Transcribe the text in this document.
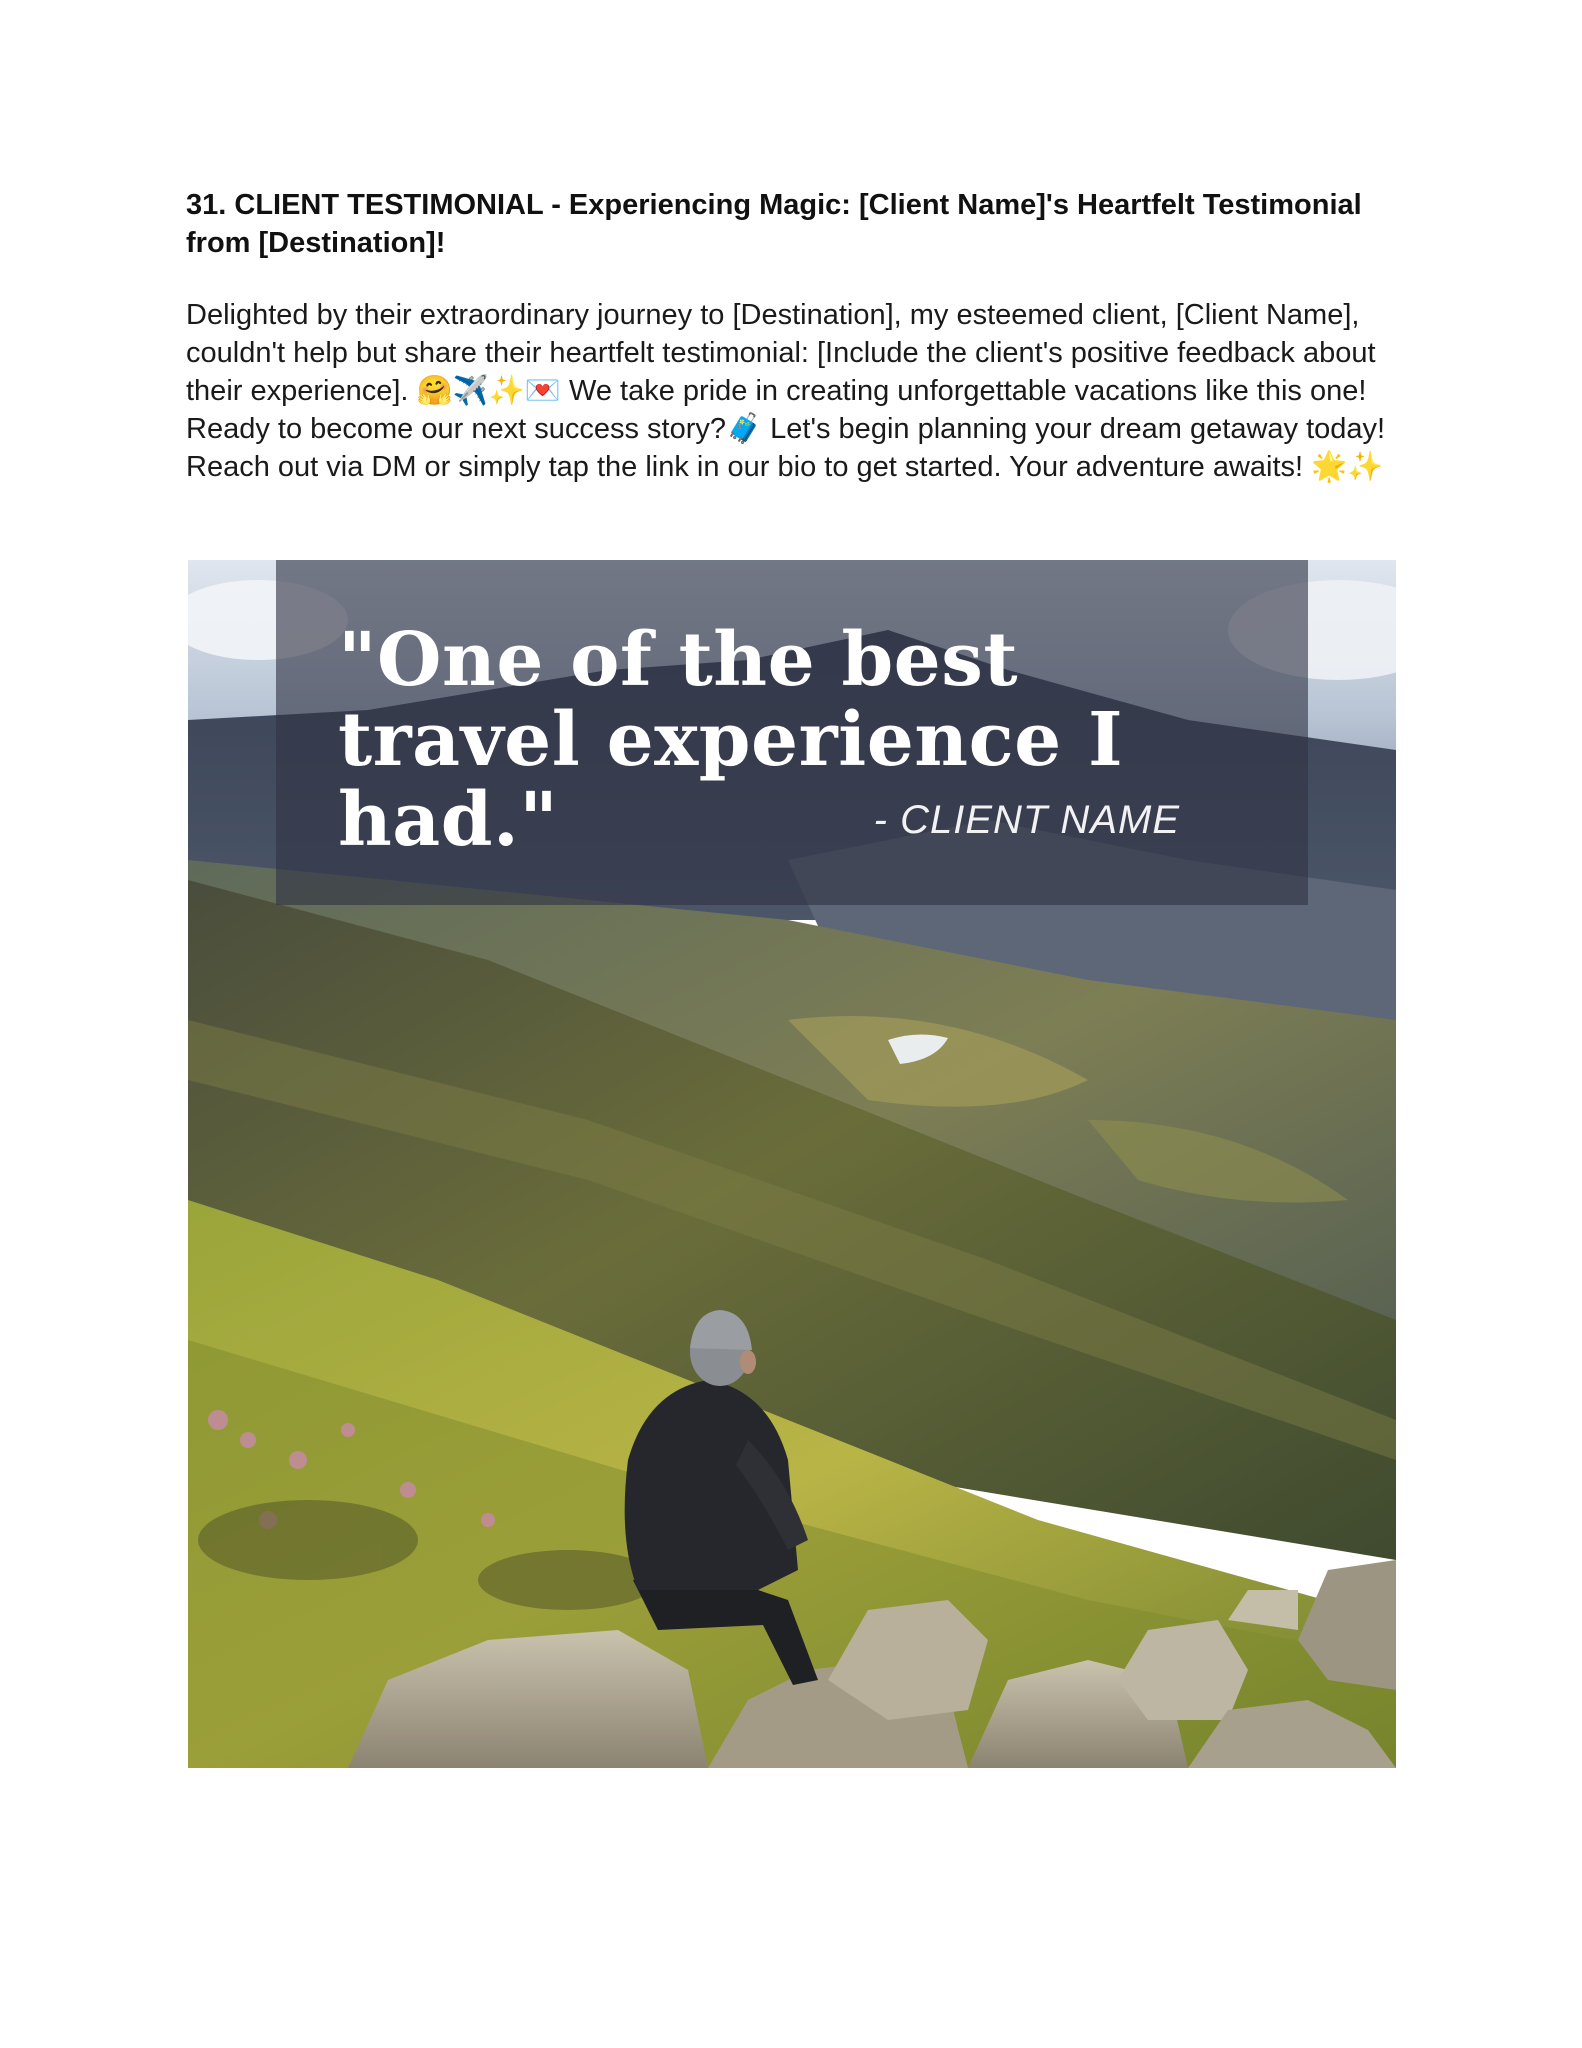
31. CLIENT TESTIMONIAL - Experiencing Magic: [Client Name]'s Heartfelt Testimonial from [Destination]!

Delighted by their extraordinary journey to [Destination], my esteemed client, [Client Name], couldn't help but share their heartfelt testimonial: [Include the client's positive feedback about their experience]. 🤗✈️✨💌 We take pride in creating unforgettable vacations like this one! Ready to become our next success story?🧳 Let's begin planning your dream getaway today! Reach out via DM or simply tap the link in our bio to get started. Your adventure awaits! 🌟✨

"One of the best travel experience I had."	- CLIENT NAME
